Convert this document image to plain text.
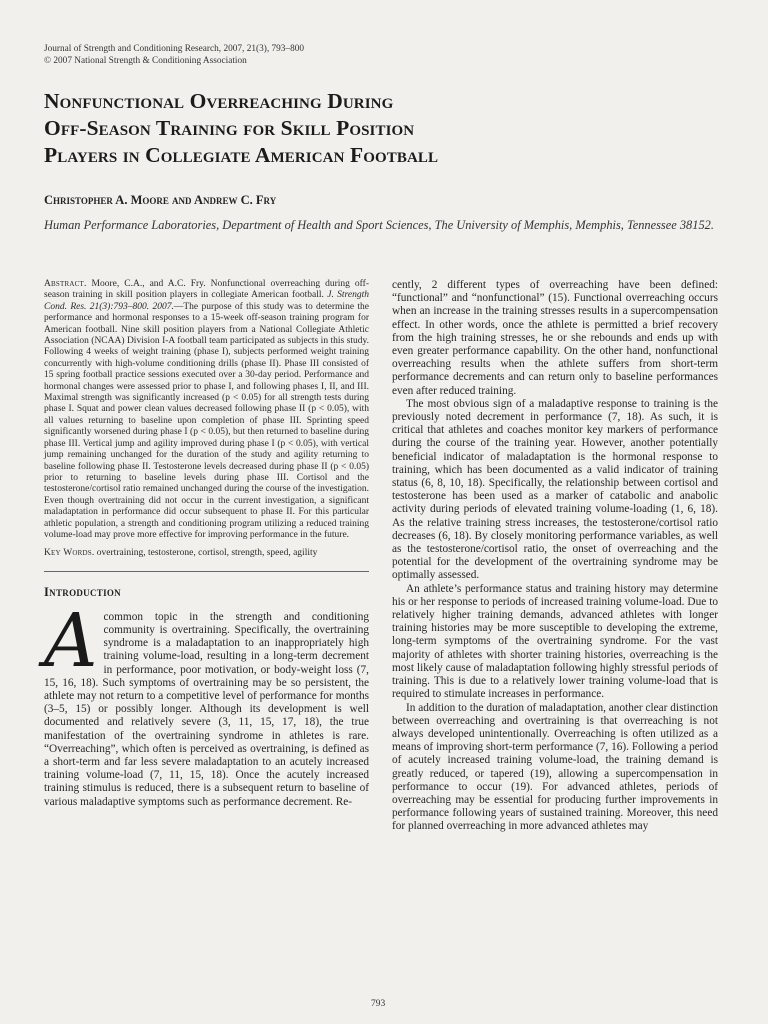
Journal of Strength and Conditioning Research, 2007, 21(3), 793–800
© 2007 National Strength & Conditioning Association
Nonfunctional Overreaching During
Off-Season Training for Skill Position
Players in Collegiate American Football
Christopher A. Moore and Andrew C. Fry
Human Performance Laboratories, Department of Health and Sport Sciences, The University of Memphis, Memphis, Tennessee 38152.
Abstract. Moore, C.A., and A.C. Fry. Nonfunctional overreaching during off-season training in skill position players in collegiate American football. J. Strength Cond. Res. 21(3):793–800. 2007.—The purpose of this study was to determine the performance and hormonal responses to a 15-week off-season training program for American football. Nine skill position players from a National Collegiate Athletic Association (NCAA) Division I-A football team participated as subjects in this study. Following 4 weeks of weight training (phase I), subjects performed weight training concurrently with high-volume conditioning drills (phase II). Phase III consisted of 15 spring football practice sessions executed over a 30-day period. Performance and hormonal changes were assessed prior to phase I, and following phases I, II, and III. Maximal strength was significantly increased (p < 0.05) for all strength tests during phase I. Squat and power clean values decreased following phase II (p < 0.05), with all values returning to baseline upon completion of phase III. Sprinting speed significantly worsened during phase I (p < 0.05), but then returned to baseline during phase III. Vertical jump and agility improved during phase I (p < 0.05), with vertical jump remaining unchanged for the duration of the study and agility returning to baseline following phase II. Testosterone levels decreased during phase II (p < 0.05) prior to returning to baseline levels during phase III. Cortisol and the testosterone/cortisol ratio remained unchanged during the course of the investigation. Even though overtraining did not occur in the current investigation, a significant maladaptation in performance did occur subsequent to phase II. For this particular athletic population, a strength and conditioning program utilizing a reduced training volume-load may prove more effective for improving performance in the future.
Key Words. overtraining, testosterone, cortisol, strength, speed, agility
Introduction
Acommon topic in the strength and conditioning community is overtraining. Specifically, the overtraining syndrome is a maladaptation to an inappropriately high training volume-load, resulting in a long-term decrement in performance, poor motivation, or body-weight loss (7, 15, 16, 18). Such symptoms of overtraining may be so persistent, the athlete may not return to a competitive level of performance for months (3–5, 15) or possibly longer. Although its development is well documented and relatively severe (3, 11, 15, 17, 18), the true manifestation of the overtraining syndrome in athletes is rare. “Overreaching”, which often is perceived as overtraining, is defined as a short-term and far less severe maladaptation to an acutely increased training volume-load (7, 11, 15, 18). Once the acutely increased training stimulus is reduced, there is a subsequent return to baseline of various maladaptive symptoms such as performance decrement. Re-

cently, 2 different types of overreaching have been defined: “functional” and “nonfunctional” (15). Functional overreaching occurs when an increase in the training stresses results in a supercompensation effect. In other words, once the athlete is permitted a brief recovery from the high training stresses, he or she rebounds and ends up with even greater performance capability. On the other hand, nonfunctional overreaching results when the athlete suffers from short-term performance decrements and can return only to baseline performances even after reduced training.

The most obvious sign of a maladaptive response to training is the previously noted decrement in performance (7, 18). As such, it is critical that athletes and coaches monitor key markers of performance during the course of the training year. However, another potentially beneficial indicator of maladaptation is the hormonal response to training, which has been documented as a valid indicator of training status (6, 8, 10, 18). Specifically, the relationship between cortisol and testosterone has been used as a marker of catabolic and anabolic activity during periods of elevated training volume-loading (1, 6, 18). As the relative training stress increases, the testosterone/cortisol ratio decreases (6, 18). By closely monitoring performance variables, as well as the testosterone/cortisol ratio, the onset of overreaching and the potential for the development of the overtraining syndrome may be optimally assessed.

An athlete’s performance status and training history may determine his or her response to periods of increased training volume-load. Due to relatively higher training demands, advanced athletes with longer training histories may be more susceptible to developing the extreme, long-term symptoms of the overtraining syndrome. For the vast majority of athletes with shorter training histories, overreaching is the most likely cause of maladaptation following highly stressful periods of training. This is due to a relatively lower training volume-load that is required to stimulate increases in performance.

In addition to the duration of maladaptation, another clear distinction between overreaching and overtraining is that overreaching is not always developed unintentionally. Overreaching is often utilized as a means of improving short-term performance (7, 16). Following a period of acutely increased training volume-load, the training demand is greatly reduced, or tapered (19), allowing a supercompensation in performance to occur (19). For advanced athletes, periods of overreaching may be essential for producing further improvements in performance following years of sustained training. Moreover, this need for planned overreaching in more advanced athletes may

793
